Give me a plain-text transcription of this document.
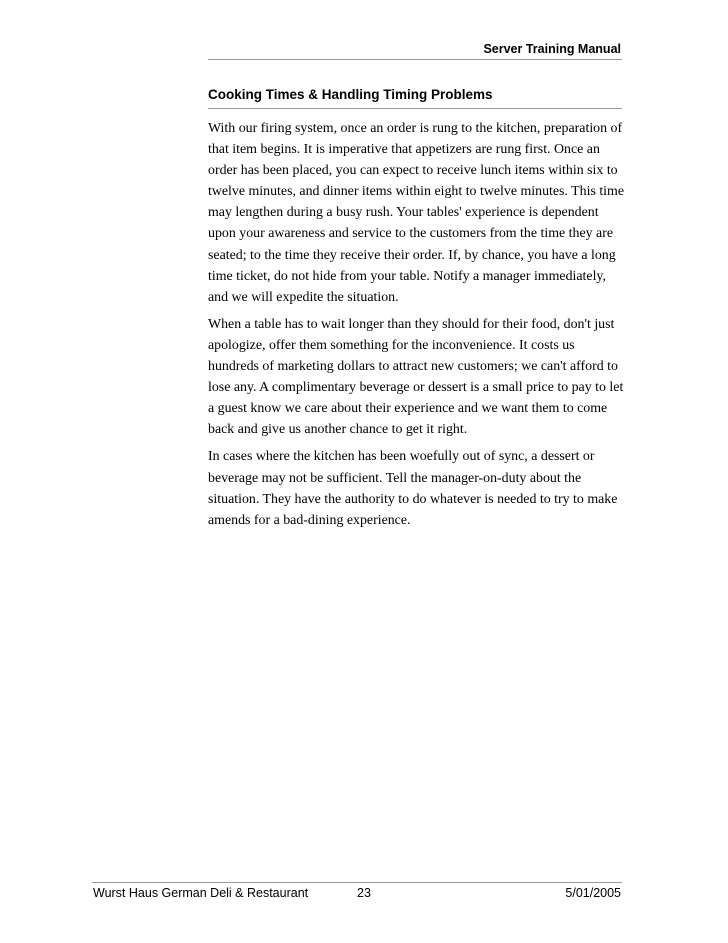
Server Training Manual
Cooking Times & Handling Timing Problems

With our firing system, once an order is rung to the kitchen, preparation of that item begins. It is imperative that appetizers are rung first. Once an order has been placed, you can expect to receive lunch items within six to twelve minutes, and dinner items within eight to twelve minutes. This time may lengthen during a busy rush. Your tables' experience is dependent upon your awareness and service to the customers from the time they are seated; to the time they receive their order. If, by chance, you have a long time ticket, do not hide from your table. Notify a manager immediately, and we will expedite the situation.

When a table has to wait longer than they should for their food, don't just apologize, offer them something for the inconvenience. It costs us hundreds of marketing dollars to attract new customers; we can't afford to lose any. A complimentary beverage or dessert is a small price to pay to let a guest know we care about their experience and we want them to come back and give us another chance to get it right.

In cases where the kitchen has been woefully out of sync, a dessert or beverage may not be sufficient. Tell the manager-on-duty about the situation. They have the authority to do whatever is needed to try to make amends for a bad-dining experience.

Wurst Haus German Deli & Restaurant	23	5/01/2005
